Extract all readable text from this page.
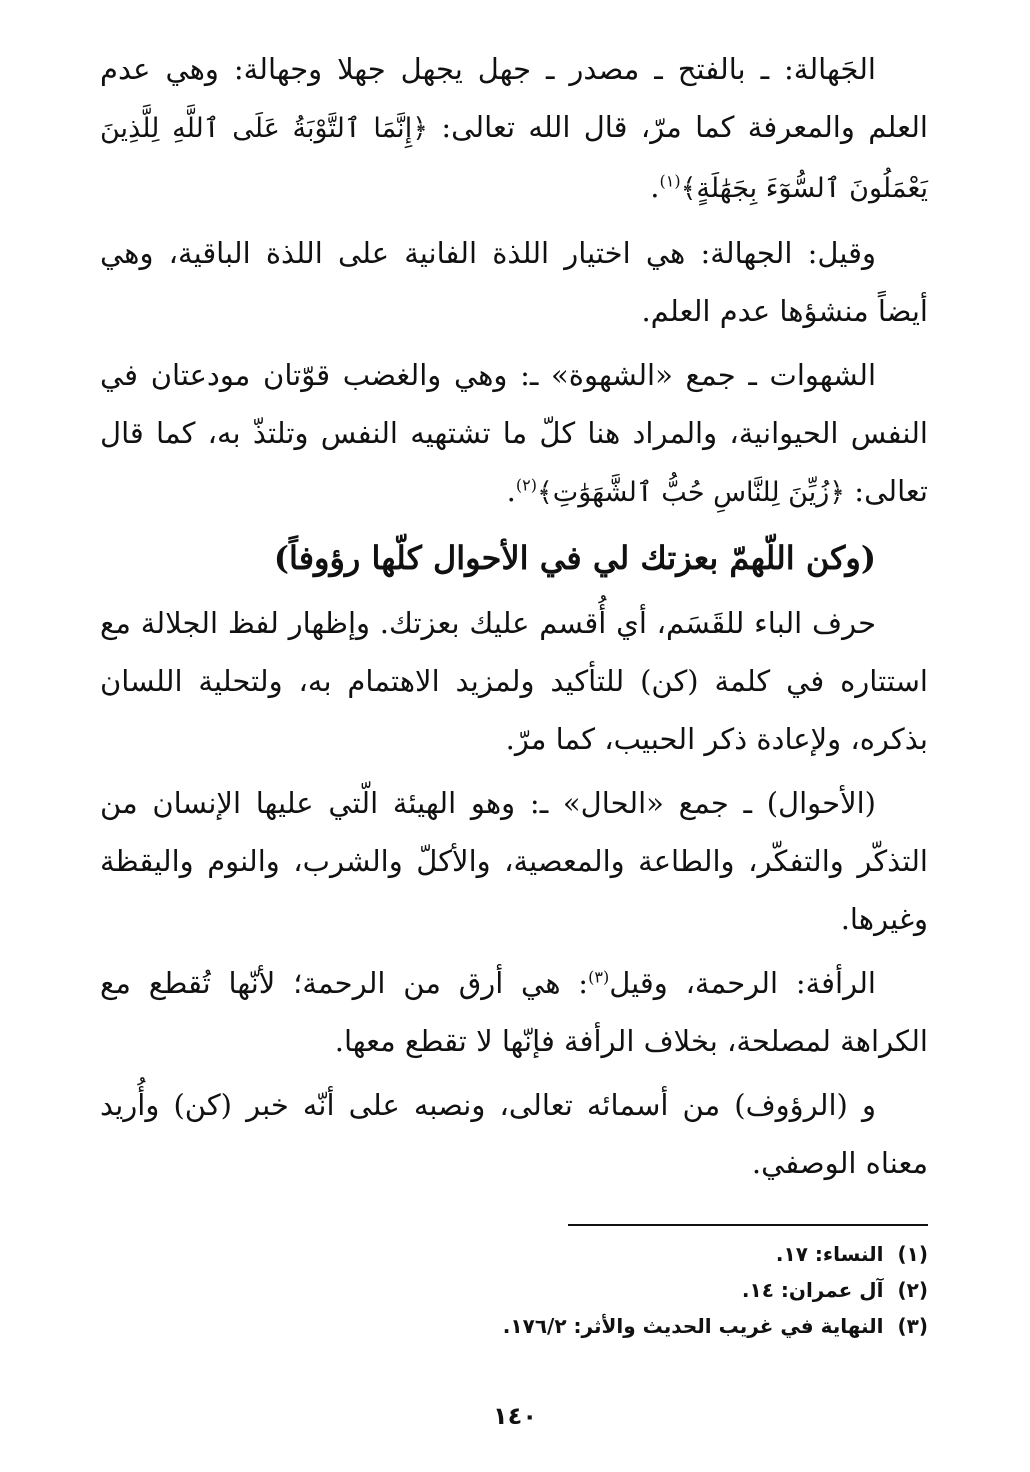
الجَهالة: ـ بالفتح ـ مصدر ـ جهل يجهل جهلا وجهالة: وهي عدم العلم والمعرفة كما مرّ، قال الله تعالى: ﴿إِنَّمَا ٱلتَّوْبَةُ عَلَى ٱللَّهِ لِلَّذِينَ يَعْمَلُونَ ٱلسُّوٓءَ بِجَهَٰلَةٍ﴾$^{(١)}$.

وقيل: الجهالة: هي اختيار اللذة الفانية على اللذة الباقية، وهي أيضاً منشؤها عدم العلم.

الشهوات ـ جمع «الشهوة» ـ: وهي والغضب قوّتان مودعتان في النفس الحيوانية، والمراد هنا كلّ ما تشتهيه النفس وتلتذّ به، كما قال تعالى: ﴿زُيِّنَ لِلنَّاسِ حُبُّ ٱلشَّهَوَٰتِ﴾$^{(٢)}$.

(وكن اللّهمّ بعزتك لي في الأحوال كلّها رؤوفاً)

حرف الباء للقَسَم، أي أُقسم عليك بعزتك. وإظهار لفظ الجلالة مع استتاره في كلمة (كن) للتأكيد ولمزيد الاهتمام به، ولتحلية اللسان بذكره، ولإعادة ذكر الحبيب، كما مرّ.

(الأحوال) ـ جمع «الحال» ـ: وهو الهيئة الّتي عليها الإنسان من التذكّر والتفكّر، والطاعة والمعصية، والأكلّ والشرب، والنوم واليقظة وغيرها.

الرأفة: الرحمة، وقيل$^{(٣)}$: هي أرق من الرحمة؛ لأنّها تُقطع مع الكراهة لمصلحة، بخلاف الرأفة فإنّها لا تقطع معها.

و (الرؤوف) من أسمائه تعالى، ونصبه على أنّه خبر (كن) وأُريد معناه الوصفي.

(١)النساء: ١٧.
(٢)آل عمران: ١٤.
(٣)النهاية في غريب الحديث والأثر: ١٧٦/٢.
١٤٠
